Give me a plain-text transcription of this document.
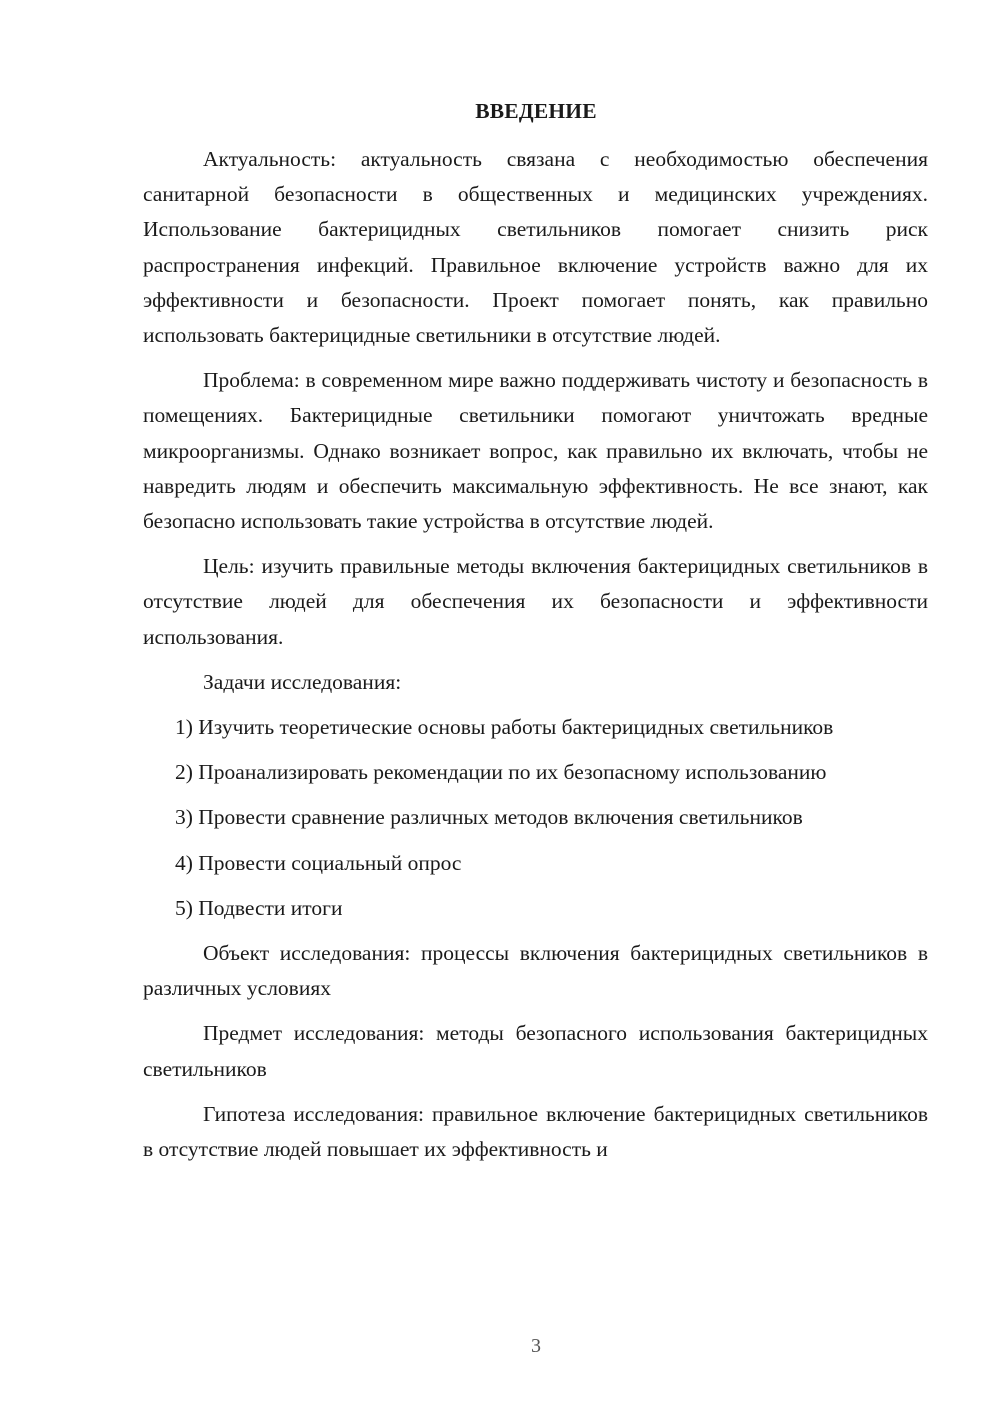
ВВЕДЕНИЕ

Актуальность: актуальность связана с необходимостью обеспечения санитарной безопасности в общественных и медицинских учреждениях. Использование бактерицидных светильников помогает снизить риск распространения инфекций. Правильное включение устройств важно для их эффективности и безопасности. Проект помогает понять, как правильно использовать бактерицидные светильники в отсутствие людей.

Проблема: в современном мире важно поддерживать чистоту и безопасность в помещениях. Бактерицидные светильники помогают уничтожать вредные микроорганизмы. Однако возникает вопрос, как правильно их включать, чтобы не навредить людям и обеспечить максимальную эффективность. Не все знают, как безопасно использовать такие устройства в отсутствие людей.

Цель: изучить правильные методы включения бактерицидных светильников в отсутствие людей для обеспечения их безопасности и эффективности использования.

Задачи исследования:

1) Изучить теоретические основы работы бактерицидных светильников

2) Проанализировать рекомендации по их безопасному использованию

3) Провести сравнение различных методов включения светильников

4) Провести социальный опрос

5) Подвести итоги

Объект исследования: процессы включения бактерицидных светильников в различных условиях

Предмет исследования: методы безопасного использования бактерицидных светильников

Гипотеза исследования: правильное включение бактерицидных светильников в отсутствие людей повышает их эффективность и

3
